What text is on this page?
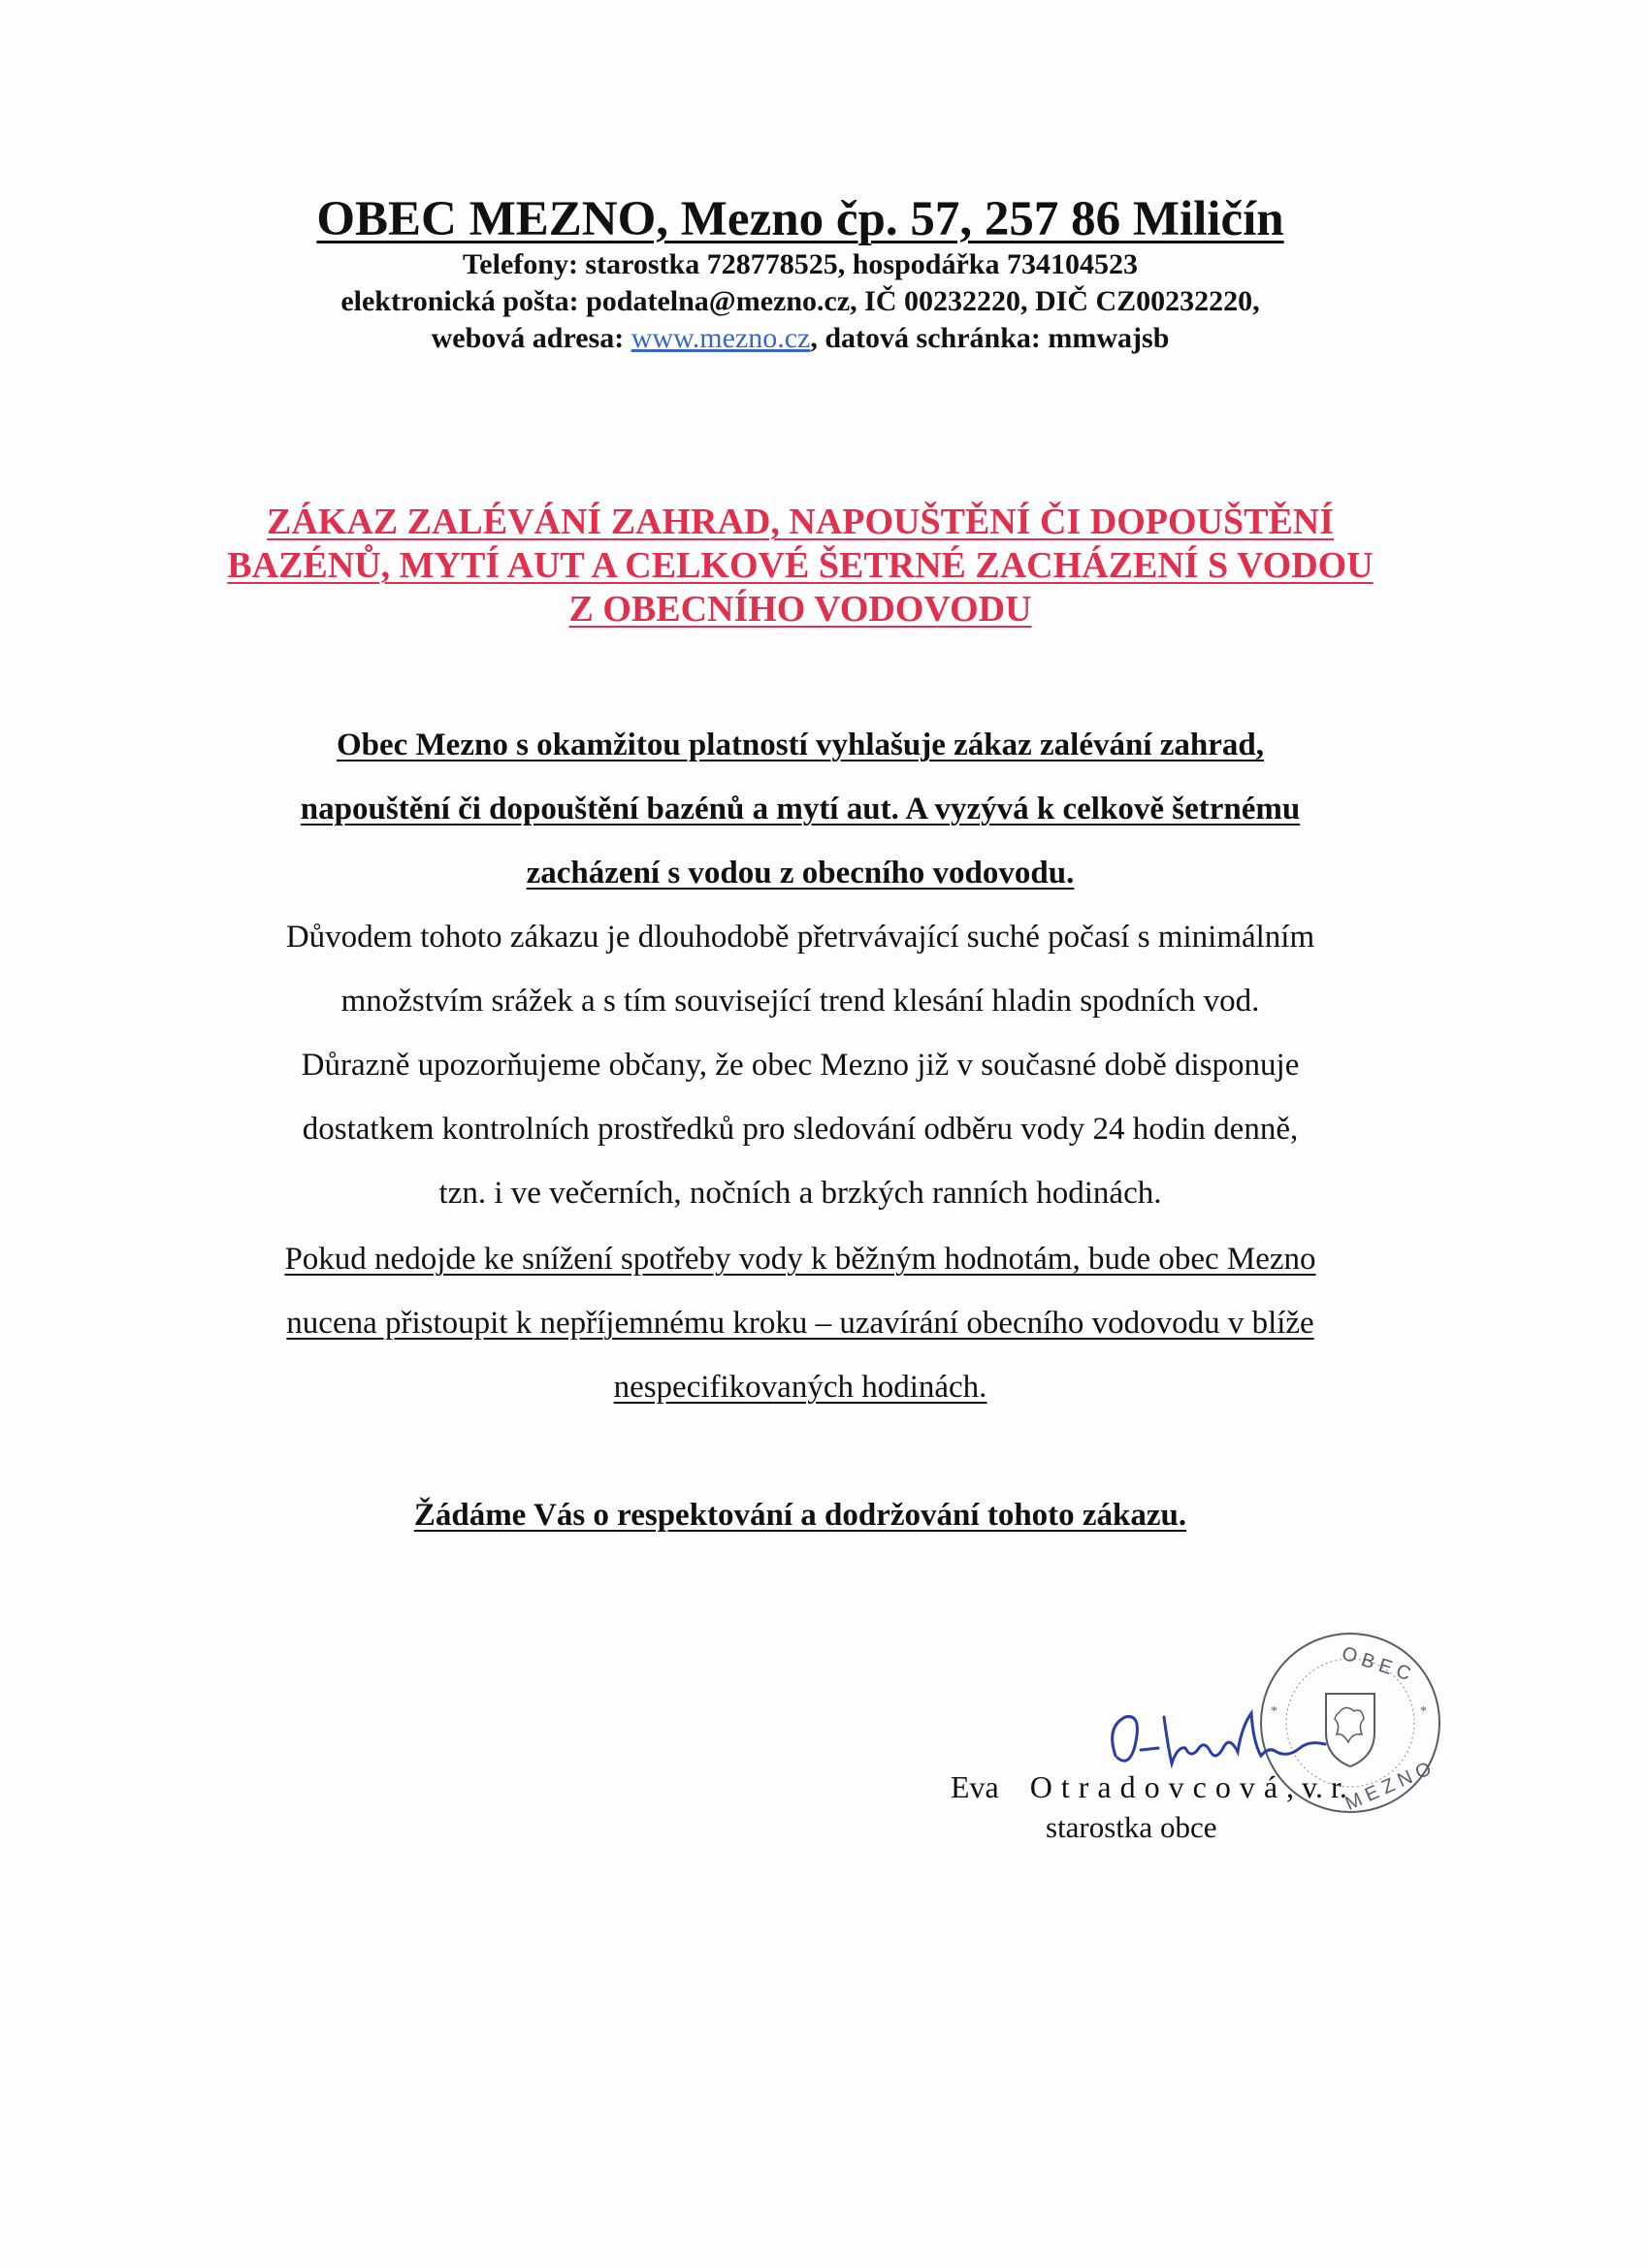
OBEC MEZNO, Mezno čp. 57, 257 86 Miličín
Telefony: starostka 728778525, hospodářka 734104523
elektronická pošta: podatelna@mezno.cz, IČ 00232220, DIČ CZ00232220,
webová adresa: www.mezno.cz, datová schránka: mmwajsb
ZÁKAZ ZALÉVÁNÍ ZAHRAD, NAPOUŠTĚNÍ ČI DOPOUŠTĚNÍ
BAZÉNŮ, MYTÍ AUT A CELKOVÉ ŠETRNÉ ZACHÁZENÍ S VODOU
Z OBECNÍHO VODOVODU
Obec Mezno s okamžitou platností vyhlašuje zákaz zalévání zahrad,
napouštění či dopouštění bazénů a mytí aut. A vyzývá k celkově šetrnému
zacházení s vodou z obecního vodovodu.
Důvodem tohoto zákazu je dlouhodobě přetrvávající suché počasí s minimálním
množstvím srážek a s tím související trend klesání hladin spodních vod.
Důrazně upozorňujeme občany, že obec Mezno již v současné době disponuje
dostatkem kontrolních prostředků pro sledování odběru vody 24 hodin denně,
tzn. i ve večerních, nočních a brzkých ranních hodinách.
Pokud nedojde ke snížení spotřeby vody k běžným hodnotám, bude obec Mezno
nucena přistoupit k nepříjemnému kroku – uzavírání obecního vodovodu v blíže
nespecifikovaných hodinách.
Žádáme Vás o respektování a dodržování tohoto zákazu.
O B E C
M E Z N O
*	*
Eva Otradovcová, v. r.
starostka obce
